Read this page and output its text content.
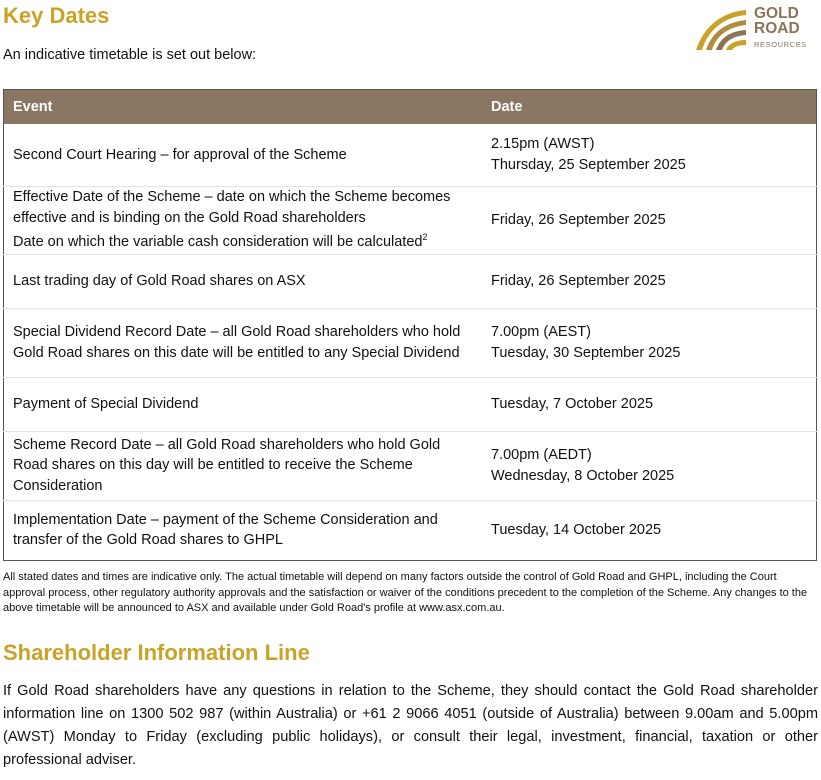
Key Dates
An indicative timetable is set out below:
GOLD
ROAD
RESOURCES
Event	Date

Second Court Hearing – for approval of the Scheme	2.15pm (AWST)
Thursday, 25 September 2025

Effective Date of the Scheme – date on which the Scheme becomes effective and is binding on the Gold Road shareholders
Date on which the variable cash consideration will be calculated$^2$	Friday, 26 September 2025

Last trading day of Gold Road shares on ASX	Friday, 26 September 2025

Special Dividend Record Date – all Gold Road shareholders who hold Gold Road shares on this date will be entitled to any Special Dividend	7.00pm (AEST)
Tuesday, 30 September 2025

Payment of Special Dividend	Tuesday, 7 October 2025

Scheme Record Date – all Gold Road shareholders who hold Gold Road shares on this day will be entitled to receive the Scheme Consideration	7.00pm (AEDT)
Wednesday, 8 October 2025

Implementation Date – payment of the Scheme Consideration and transfer of the Gold Road shares to GHPL	Tuesday, 14 October 2025
All stated dates and times are indicative only. The actual timetable will depend on many factors outside the control of Gold Road and GHPL, including the Court approval process, other regulatory authority approvals and the satisfaction or waiver of the conditions precedent to the completion of the Scheme. Any changes to the above timetable will be announced to ASX and available under Gold Road's profile at www.asx.com.au.
Shareholder Information Line
If Gold Road shareholders have any questions in relation to the Scheme, they should contact the Gold Road shareholder information line on 1300 502 987 (within Australia) or +61 2 9066 4051 (outside of Australia) between 9.00am and 5.00pm (AWST) Monday to Friday (excluding public holidays), or consult their legal, investment, financial, taxation or other professional adviser.
